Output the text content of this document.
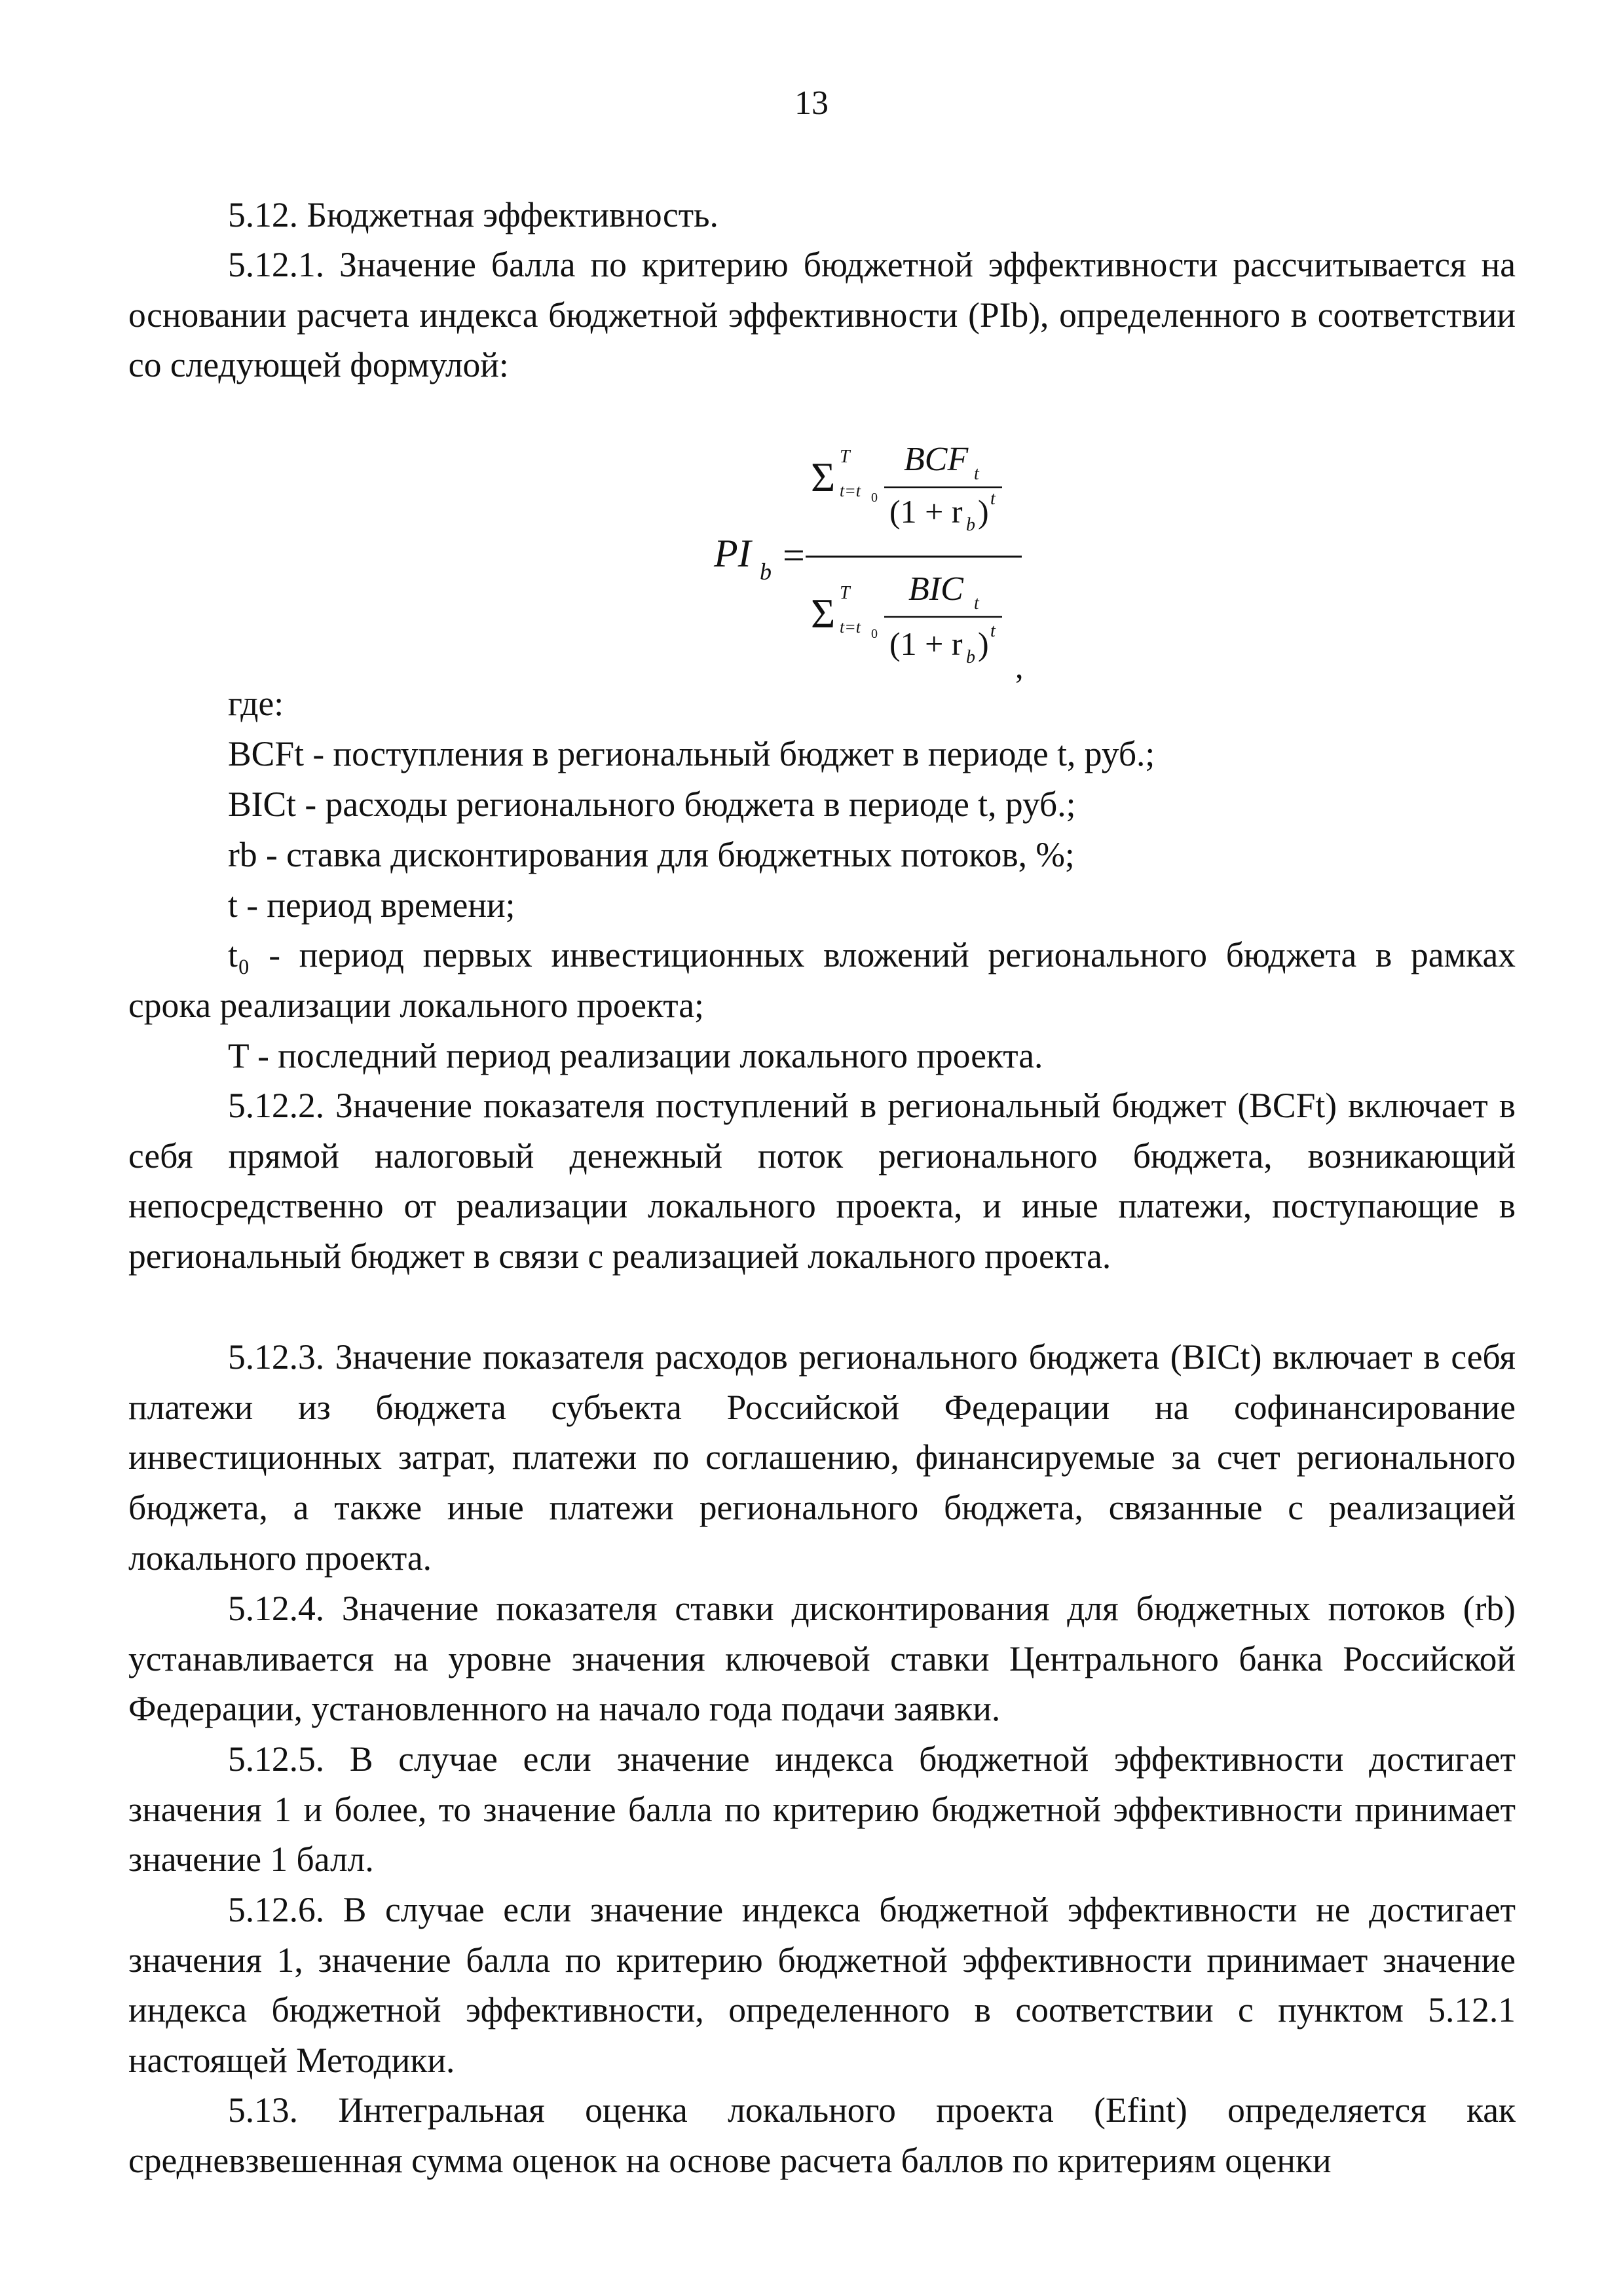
13
5.12. Бюджетная эффективность.
5.12.1. Значение балла по критерию бюджетной эффективности рассчитывается на основании расчета индекса бюджетной эффективности (PIb), определенного в соответствии со следующей формулой:
PI b =
Σ T
t=t 0
BCF t
(1 + r b ) t
Σ T
t=t 0
BIC t
(1 + r b ) t
,
где:
BCFt - поступления в региональный бюджет в периоде t, руб.;
BICt - расходы регионального бюджета в периоде t, руб.;
rb - ставка дисконтирования для бюджетных потоков, %;
t - период времени;
t₀ - период первых инвестиционных вложений регионального бюджета в рамках срока реализации локального проекта;
T - последний период реализации локального проекта.
5.12.2. Значение показателя поступлений в региональный бюджет (BCFt) включает в себя прямой налоговый денежный поток регионального бюджета, возникающий непосредственно от реализации локального проекта, и иные платежи, поступающие в региональный бюджет в связи с реализацией локального проекта.
5.12.3. Значение показателя расходов регионального бюджета (BICt) включает в себя платежи из бюджета субъекта Российской Федерации на софинансирование инвестиционных затрат, платежи по соглашению, финансируемые за счет регионального бюджета, а также иные платежи регионального бюджета, связанные с реализацией локального проекта.
5.12.4. Значение показателя ставки дисконтирования для бюджетных потоков (rb) устанавливается на уровне значения ключевой ставки Центрального банка Российской Федерации, установленного на начало года подачи заявки.
5.12.5. В случае если значение индекса бюджетной эффективности достигает значения 1 и более, то значение балла по критерию бюджетной эффективности принимает значение 1 балл.
5.12.6. В случае если значение индекса бюджетной эффективности не достигает значения 1, значение балла по критерию бюджетной эффективности принимает значение индекса бюджетной эффективности, определенного в соответствии с пунктом 5.12.1 настоящей Методики.
5.13. Интегральная оценка локального проекта (Efint) определяется как средневзвешенная сумма оценок на основе расчета баллов по критериям оценки
